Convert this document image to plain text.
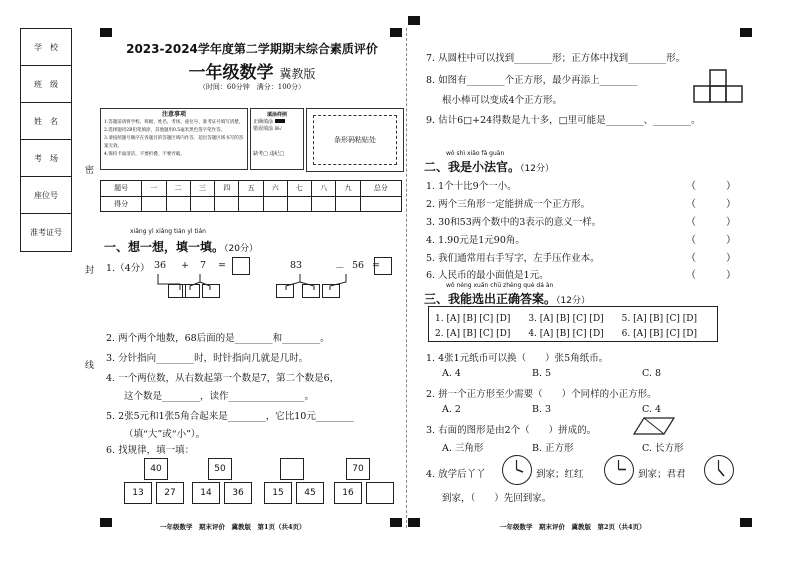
学　校
班　级
姓　名
考　场
座位号
准考证号
密
封
线
2023-2024学年度第二学期期末综合素质评价
一年级数学 冀教版
（时间：60分钟　满分：100分）
注意事项
1.答题前请将学校、班级、姓名、考场、座位号、准考证号填写清楚。
2.选择题用2B铅笔填涂，其他题用0.5毫米黑色签字笔作答。
3.请按照题号顺序在各题目的答题区域内作答，超出答题区域书写的答案无效。
4.保持卡面清洁，不要折叠、不要弄破。
填涂样例
正确填涂
错误填涂 ☒✓
缺考□ 违纪□
条形码粘贴处
题号	一	二	三	四	五	六	七	八	九	总分
得分										
xiǎng yì xiǎng tián yì tián
一、想一想，填一填。（20分）
1.（4分） 36 + 7 =	83	－ 56 =
2. 两个两个地数，68后面的是________和________。
3. 分针指向________时，时针指向几就是几时。
4. 一个两位数，从右数起第一个数是7，第二个数是6，
这个数是________，读作________________。
5. 2张5元和1张5角合起来是________，它比10元________
（填“大”或“小”）。
6. 找规律，填一填：
40
13	27
50
14	36	15	45
70
16
一年级数学　期末评价　冀教版　第1页（共4页）
7. 从圆柱中可以找到________形；正方体中找到________形。
8. 如图有________个正方形，最少再添上________
根小棒可以变成4个正方形。
9. 估计6□+24得数是九十多，□里可能是________、________。
wǒ shì xiǎo fǎ guān
二、我是小法官。（12分）
1. 1个十比9个一小。	（　　　）
2. 两个三角形一定能拼成一个正方形。	（　　　）
3. 30和53两个数中的3表示的意义一样。	（　　　）
4. 1.90元是1元90角。	（　　　）
5. 我们通常用右手写字，左手压作业本。	（　　　）
6. 人民币的最小面值是1元。	（　　　）
wǒ néng xuǎn chū zhèng què dá àn
三、我能选出正确答案。（12分）
1. [A] [B] [C] [D]　　3. [A] [B] [C] [D]　　5. [A] [B] [C] [D]
2. [A] [B] [C] [D]　　4. [A] [B] [C] [D]　　6. [A] [B] [C] [D]
1. 4张1元纸币可以换（　　）张5角纸币。
A. 4	B. 5	C. 8
2. 拼一个正方形至少需要（　　）个同样的小正方形。
A. 2	B. 3	C. 4
3. 右面的图形是由2个（　　）拼成的。
A. 三角形	B. 正方形	C. 长方形
4. 放学后丫丫	到家；红红	到家；君君
到家，（　　）先回到家。
一年级数学　期末评价　冀教版　第2页（共4页）
